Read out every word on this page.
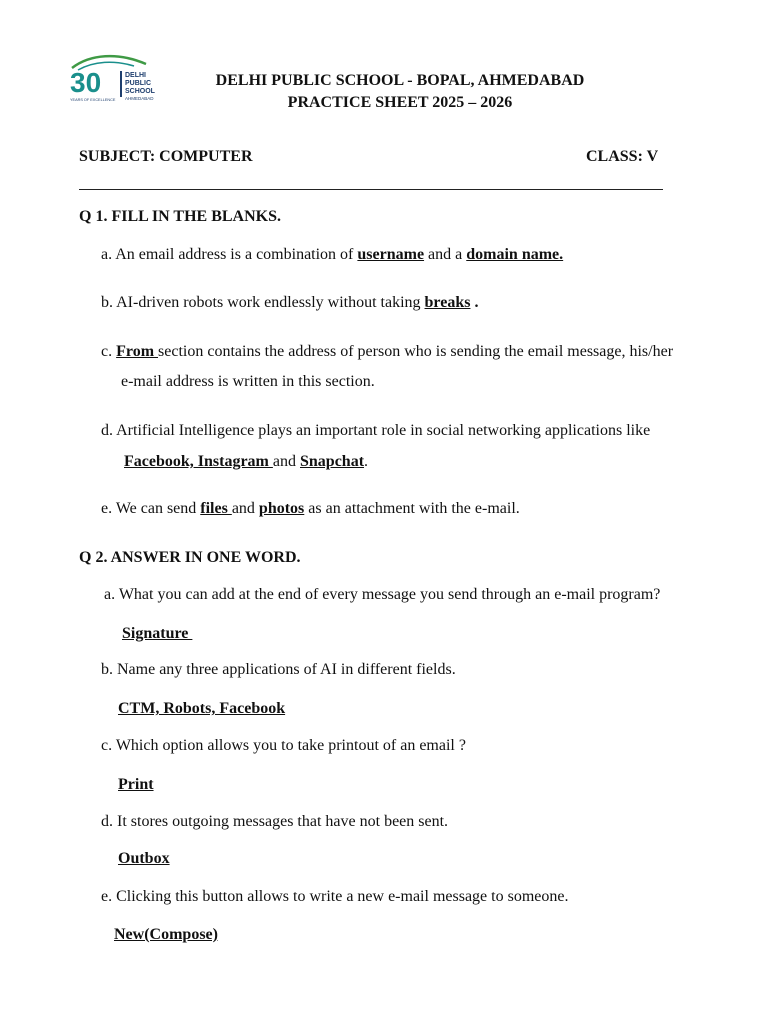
30	DELHI
PUBLIC
SCHOOL
AHMEDABAD
YEARS OF EXCELLENCE
DELHI PUBLIC SCHOOL - BOPAL, AHMEDABAD
PRACTICE SHEET 2025 – 2026
SUBJECT: COMPUTER	CLASS: V
Q 1. FILL IN THE BLANKS.
a. An email address is a combination of username and a domain name.
b. AI-driven robots work endlessly without taking breaks .
c. From section contains the address of person who is sending the email message, his/her
e-mail address is written in this section.
d. Artificial Intelligence plays an important role in social networking applications like
Facebook, Instagram and Snapchat.
e. We can send files and photos as an attachment with the e-mail.
Q 2. ANSWER IN ONE WORD.
a. What you can add at the end of every message you send through an e-mail program?
Signature
b. Name any three applications of AI in different fields.
CTM, Robots, Facebook
c. Which option allows you to take printout of an email ?
Print
d. It stores outgoing messages that have not been sent.
Outbox
e. Clicking this button allows to write a new e-mail message to someone.
New(Compose)
